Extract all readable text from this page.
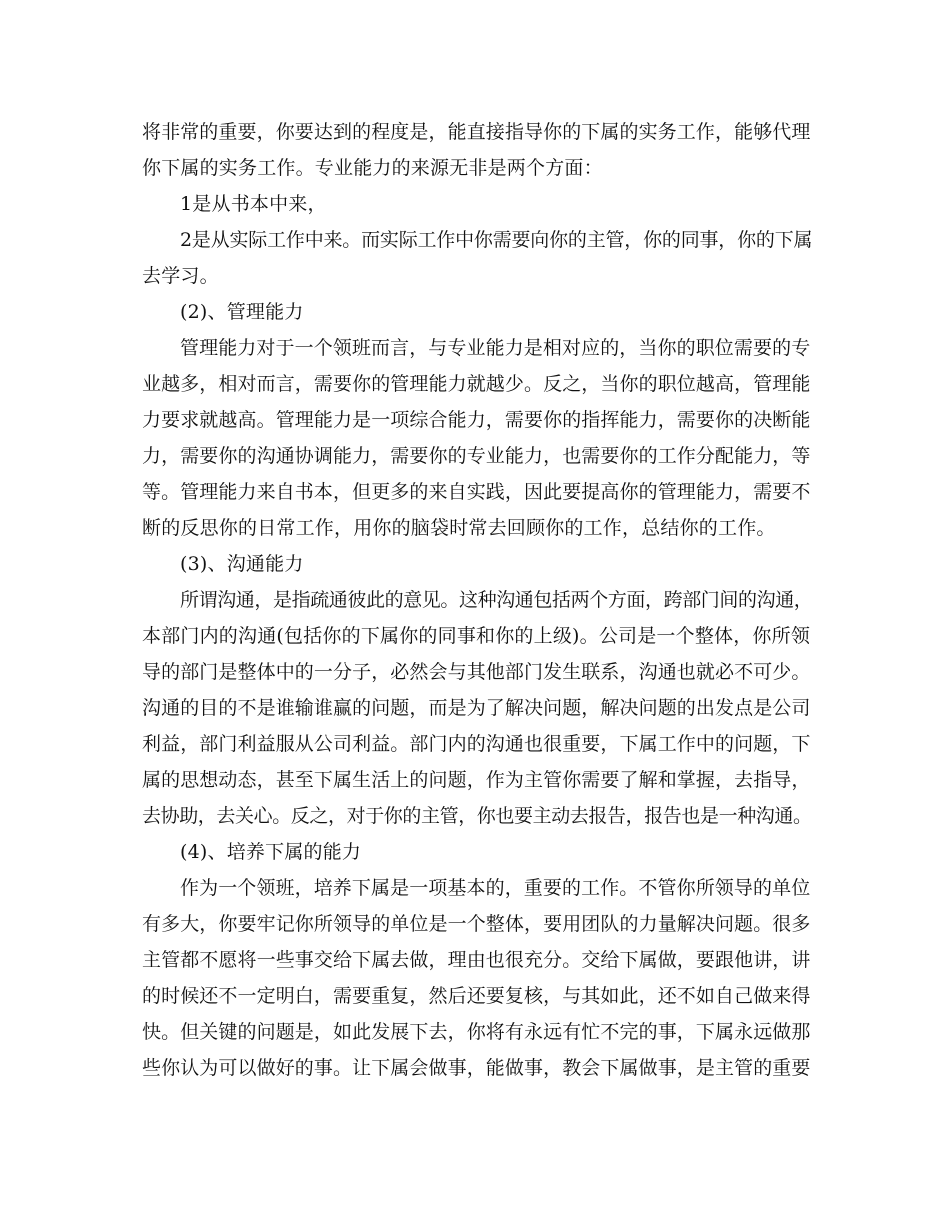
将非常的重要，你要达到的程度是，能直接指导你的下属的实务工作，能够代理
你下属的实务工作。专业能力的来源无非是两个方面：
1是从书本中来，
2是从实际工作中来。而实际工作中你需要向你的主管，你的同事，你的下属
去学习。
(2)、管理能力
管理能力对于一个领班而言，与专业能力是相对应的，当你的职位需要的专
业越多，相对而言，需要你的管理能力就越少。反之，当你的职位越高，管理能
力要求就越高。管理能力是一项综合能力，需要你的指挥能力，需要你的决断能
力，需要你的沟通协调能力，需要你的专业能力，也需要你的工作分配能力，等
等。管理能力来自书本，但更多的来自实践，因此要提高你的管理能力，需要不
断的反思你的日常工作，用你的脑袋时常去回顾你的工作，总结你的工作。
(3)、沟通能力
所谓沟通，是指疏通彼此的意见。这种沟通包括两个方面，跨部门间的沟通，
本部门内的沟通(包括你的下属你的同事和你的上级)。公司是一个整体，你所领
导的部门是整体中的一分子，必然会与其他部门发生联系，沟通也就必不可少。
沟通的目的不是谁输谁赢的问题，而是为了解决问题，解决问题的出发点是公司
利益，部门利益服从公司利益。部门内的沟通也很重要，下属工作中的问题，下
属的思想动态，甚至下属生活上的问题，作为主管你需要了解和掌握，去指导，
去协助，去关心。反之，对于你的主管，你也要主动去报告，报告也是一种沟通。
(4)、培养下属的能力
作为一个领班，培养下属是一项基本的，重要的工作。不管你所领导的单位
有多大，你要牢记你所领导的单位是一个整体，要用团队的力量解决问题。很多
主管都不愿将一些事交给下属去做，理由也很充分。交给下属做，要跟他讲，讲
的时候还不一定明白，需要重复，然后还要复核，与其如此，还不如自己做来得
快。但关键的问题是，如此发展下去，你将有永远有忙不完的事，下属永远做那
些你认为可以做好的事。让下属会做事，能做事，教会下属做事，是主管的重要
